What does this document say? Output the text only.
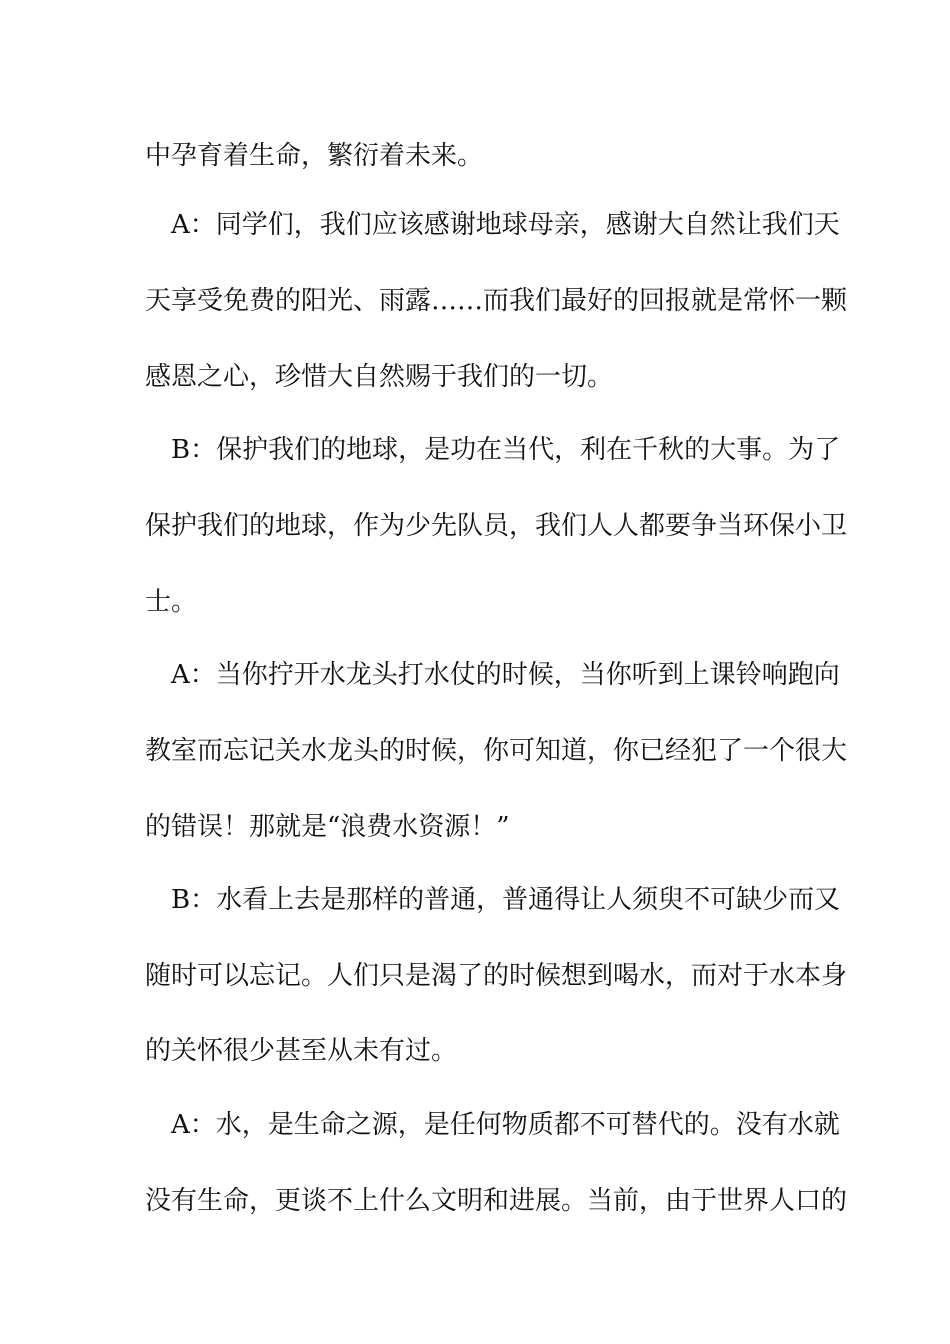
中孕育着生命，繁衍着未来。
　A：同学们，我们应该感谢地球母亲，感谢大自然让我们天
天享受免费的阳光、雨露……而我们最好的回报就是常怀一颗
感恩之心，珍惜大自然赐于我们的一切。
　B：保护我们的地球，是功在当代，利在千秋的大事。为了
保护我们的地球，作为少先队员，我们人人都要争当环保小卫
士。
　A：当你拧开水龙头打水仗的时候，当你听到上课铃响跑向
教室而忘记关水龙头的时候，你可知道，你已经犯了一个很大
的错误！那就是“浪费水资源！”
　B：水看上去是那样的普通，普通得让人须臾不可缺少而又
随时可以忘记。人们只是渴了的时候想到喝水，而对于水本身
的关怀很少甚至从未有过。
　A：水，是生命之源，是任何物质都不可替代的。没有水就
没有生命，更谈不上什么文明和进展。当前，由于世界人口的
